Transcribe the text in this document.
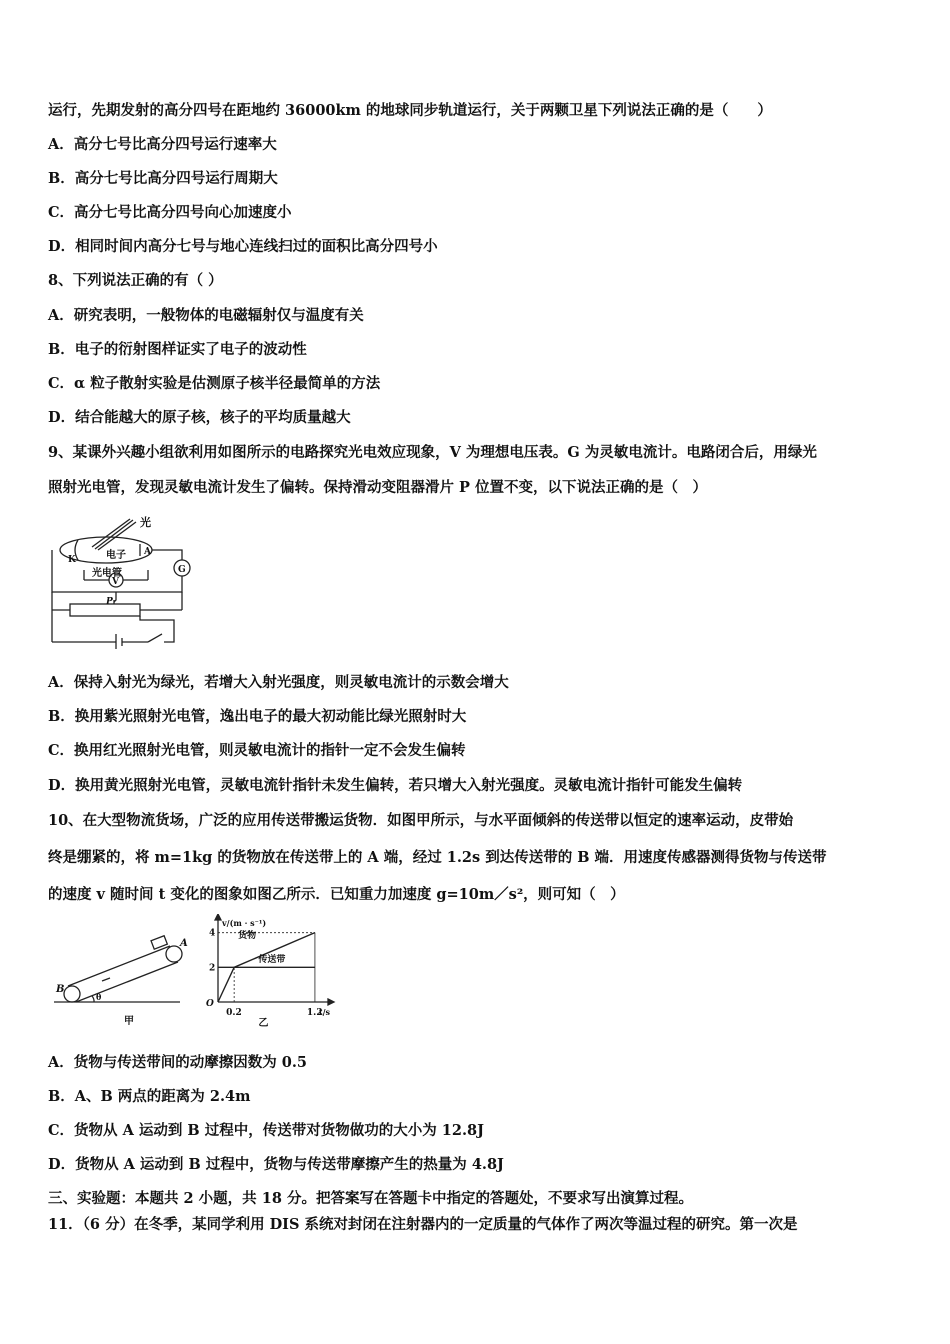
运行，先期发射的高分四号在距地约 36000km 的地球同步轨道运行，关于两颗卫星下列说法正确的是（　　）
A．高分七号比高分四号运行速率大
B．高分七号比高分四号运行周期大
C．高分七号比高分四号向心加速度小
D．相同时间内高分七号与地心连线扫过的面积比高分四号小
8、下列说法正确的有（ ）
A．研究表明，一般物体的电磁辐射仅与温度有关
B．电子的衍射图样证实了电子的波动性
C．α 粒子散射实验是估测原子核半径最简单的方法
D．结合能越大的原子核，核子的平均质量越大
9、某课外兴趣小组欲利用如图所示的电路探究光电效应现象，V 为理想电压表。G 为灵敏电流计。电路闭合后，用绿光
照射光电管，发现灵敏电流计发生了偏转。保持滑动变阻器滑片 P 位置不变，以下说法正确的是（　）
光
电子
光电管
K
A
G
V
P
A．保持入射光为绿光，若增大入射光强度，则灵敏电流计的示数会增大
B．换用紫光照射光电管，逸出电子的最大初动能比绿光照射时大
C．换用红光照射光电管，则灵敏电流计的指针一定不会发生偏转
D．换用黄光照射光电管，灵敏电流针指针未发生偏转，若只增大入射光强度。灵敏电流计指针可能发生偏转
10、在大型物流货场，广泛的应用传送带搬运货物．如图甲所示，与水平面倾斜的传送带以恒定的速率运动，皮带始
终是绷紧的，将 m=1kg 的货物放在传送带上的 A 端，经过 1.2s 到达传送带的 B 端．用速度传感器测得货物与传送带
的速度 v 随时间 t 变化的图象如图乙所示．已知重力加速度 g=10m／s²，则可知（　）
A
B
θ
甲
0.2	1.2
2
4
O
v/(m · s⁻¹)
t/s
货物
传送带
乙
A．货物与传送带间的动摩擦因数为 0.5
B．A、B 两点的距离为 2.4m
C．货物从 A 运动到 B 过程中，传送带对货物做功的大小为 12.8J
D．货物从 A 运动到 B 过程中，货物与传送带摩擦产生的热量为 4.8J
三、实验题：本题共 2 小题，共 18 分。把答案写在答题卡中指定的答题处，不要求写出演算过程。
11．（6 分）在冬季，某同学利用 DIS 系统对封闭在注射器内的一定质量的气体作了两次等温过程的研究。第一次是
